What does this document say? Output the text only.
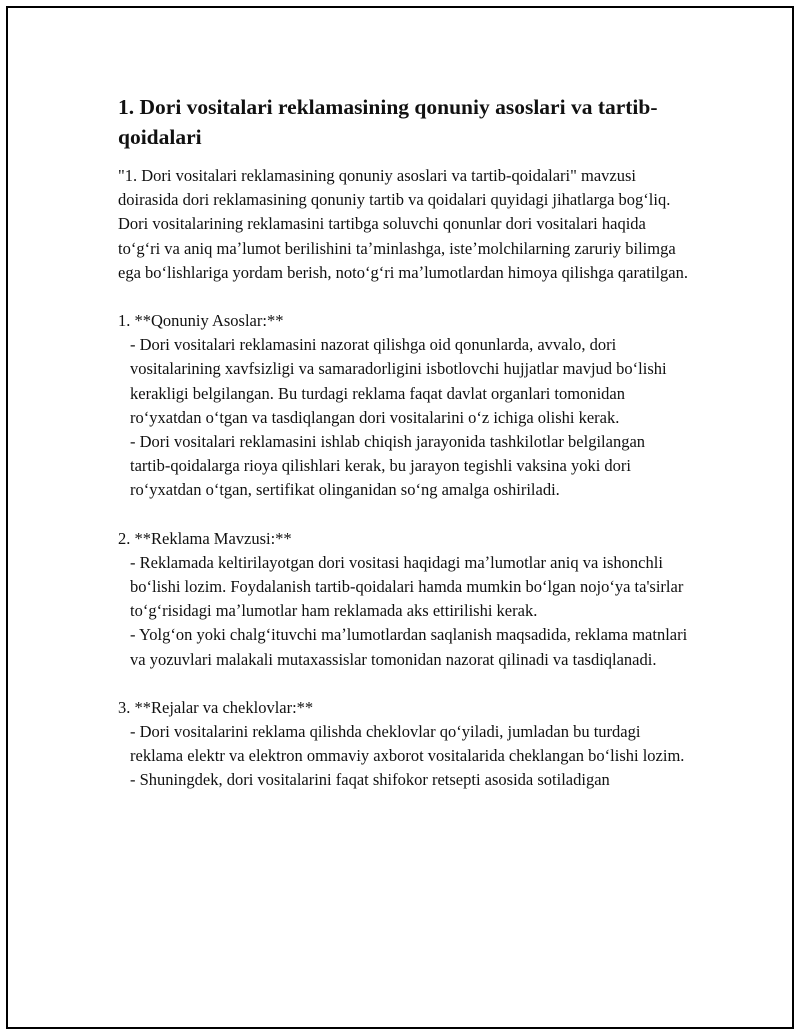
1. Dori vositalari reklamasining qonuniy asoslari va tartib-qoidalari

"1. Dori vositalari reklamasining qonuniy asoslari va tartib-qoidalari" mavzusi doirasida dori reklamasining qonuniy tartib va qoidalari quyidagi jihatlarga bogʻliq. Dori vositalarining reklamasini tartibga soluvchi qonunlar dori vositalari haqida toʻgʻri va aniq maʼlumot berilishini taʼminlashga, isteʼmolchilarning zaruriy bilimga ega boʻlishlariga yordam berish, notoʻgʻri maʼlumotlardan himoya qilishga qaratilgan.

1. **Qonuniy Asoslar:**
- Dori vositalari reklamasini nazorat qilishga oid qonunlarda, avvalo, dori vositalarining xavfsizligi va samaradorligini isbotlovchi hujjatlar mavjud boʻlishi kerakligi belgilangan. Bu turdagi reklama faqat davlat organlari tomonidan roʻyxatdan oʻtgan va tasdiqlangan dori vositalarini oʻz ichiga olishi kerak.
- Dori vositalari reklamasini ishlab chiqish jarayonida tashkilotlar belgilangan tartib-qoidalarga rioya qilishlari kerak, bu jarayon tegishli vaksina yoki dori roʻyxatdan oʻtgan, sertifikat olinganidan soʻng amalga oshiriladi.
2. **Reklama Mavzusi:**
- Reklamada keltirilayotgan dori vositasi haqidagi maʼlumotlar aniq va ishonchli boʻlishi lozim. Foydalanish tartib-qoidalari hamda mumkin boʻlgan nojoʻya ta'sirlar toʻgʻrisidagi maʼlumotlar ham reklamada aks ettirilishi kerak.
- Yolgʻon yoki chalgʻituvchi maʼlumotlardan saqlanish maqsadida, reklama matnlari va yozuvlari malakali mutaxassislar tomonidan nazorat qilinadi va tasdiqlanadi.
3. **Rejalar va cheklovlar:**
- Dori vositalarini reklama qilishda cheklovlar qoʻyiladi, jumladan bu turdagi reklama elektr va elektron ommaviy axborot vositalarida cheklangan boʻlishi lozim.
- Shuningdek, dori vositalarini faqat shifokor retsepti asosida sotiladigan
